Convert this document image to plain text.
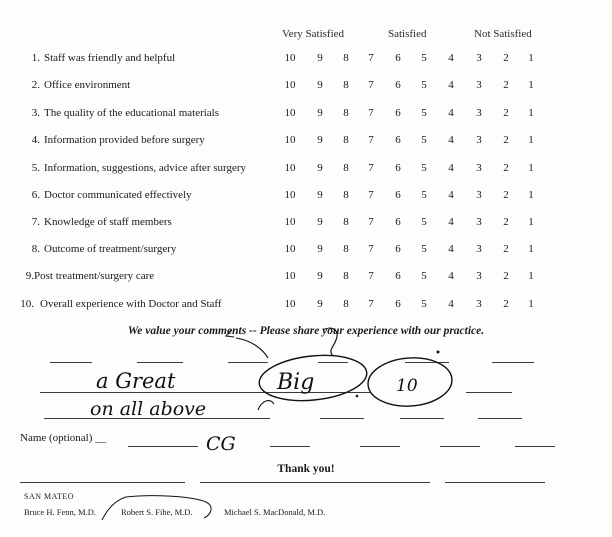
Very Satisfied	Satisfied	Not Satisfied
1. Staff was friendly and helpful	10	9	8	7	6	5	4	3	2	1
2. Office environment	10	9	8	7	6	5	4	3	2	1
3. The quality of the educational materials	10	9	8	7	6	5	4	3	2	1
4. Information provided before surgery	10	9	8	7	6	5	4	3	2	1
5. Information, suggestions, advice after surgery	10	9	8	7	6	5	4	3	2	1
6. Doctor communicated effectively	10	9	8	7	6	5	4	3	2	1
7. Knowledge of staff members	10	9	8	7	6	5	4	3	2	1
8. Outcome of treatment/surgery	10	9	8	7	6	5	4	3	2	1
9. Post treatment/surgery care	10	9	8	7	6	5	4	3	2	1
10. Overall experience with Doctor and Staff	10	9	8	7	6	5	4	3	2	1
We value your comments -- Please share your experience with our practice.
Name (optional) __
Thank you!
SAN MATEO
Bruce H. Fenn, M.D.	Robert S. Fihe, M.D.	Michael S. MacDonald, M.D.
a Great	Big	10
on all above
CG
